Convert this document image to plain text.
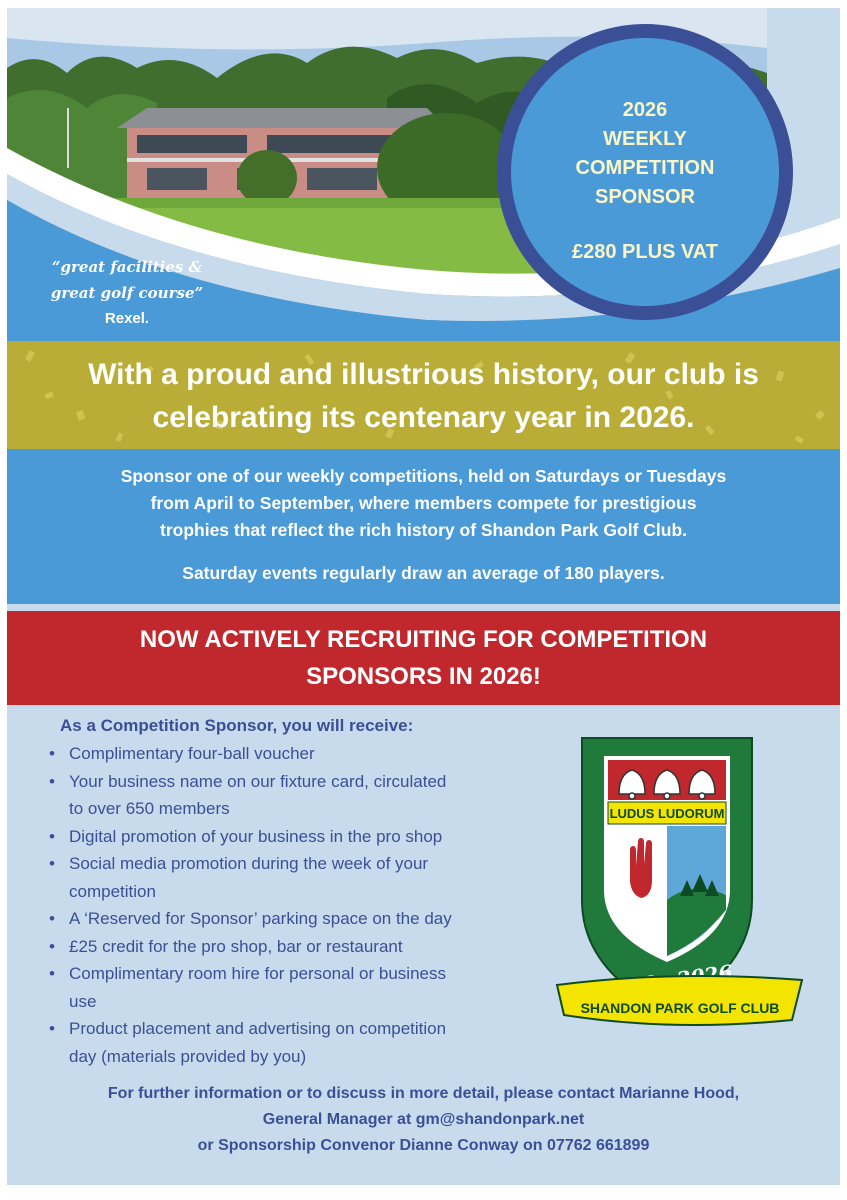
“great facilities &
great golf course”
Rexel.
2026
WEEKLY
COMPETITION
SPONSOR
£280 PLUS VAT
With a proud and illustrious history, our club is
celebrating its centenary year in 2026.
Sponsor one of our weekly competitions, held on Saturdays or Tuesdays
from April to September, where members compete for prestigious
trophies that reflect the rich history of Shandon Park Golf Club.
Saturday events regularly draw an average of 180 players.
NOW ACTIVELY RECRUITING FOR COMPETITION
SPONSORS IN 2026!
As a Competition Sponsor, you will receive:
• Complimentary four-ball voucher
• Your business name on our fixture card, circulated
to over 650 members
• Digital promotion of your business in the pro shop
• Social media promotion during the week of your
competition
• A ‘Reserved for Sponsor’ parking space on the day
• £25 credit for the pro shop, bar or restaurant
• Complimentary room hire for personal or business
use
• Product placement and advertising on competition
day (materials provided by you)
LUDUS LUDORUM
SHANDON PARK GOLF CLUB
For further information or to discuss in more detail, please contact Marianne Hood,
General Manager at gm@shandonpark.net
or Sponsorship Convenor Dianne Conway on 07762 661899
